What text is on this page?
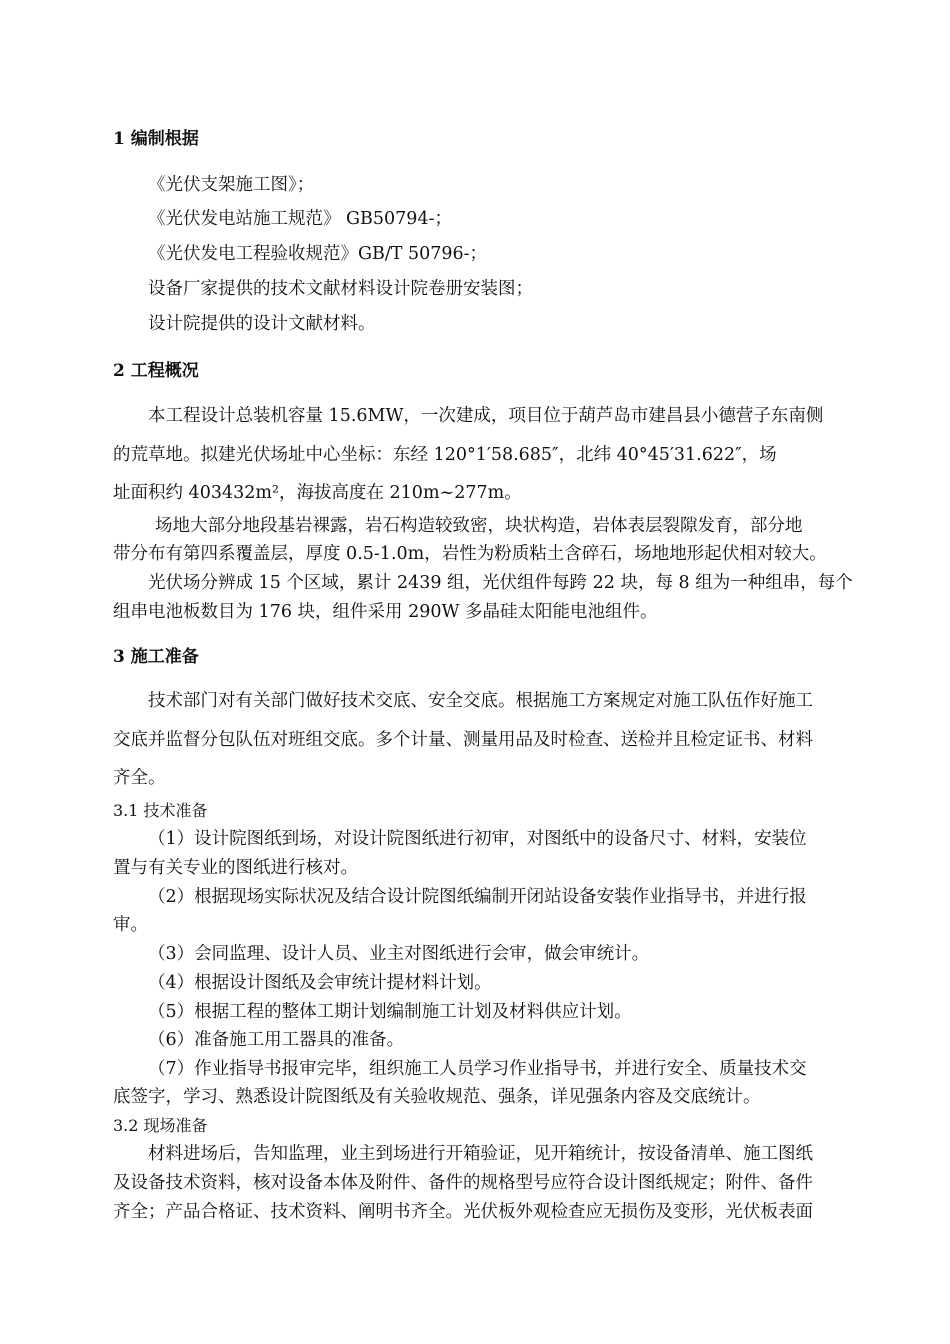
1 编制根据
《光伏支架施工图》；
《光伏发电站施工规范》 GB50794-；
《光伏发电工程验收规范》GB/T 50796-；
设备厂家提供的技术文献材料设计院卷册安装图；
设计院提供的设计文献材料。
2 工程概况
本工程设计总装机容量 15.6MW，一次建成，项目位于葫芦岛市建昌县小德营子东南侧
的荒草地。拟建光伏场址中心坐标：东经 120°1′58.685″，北纬 40°45′31.622″，场
址面积约 403432m²，海拔高度在 210m~277m。
场地大部分地段基岩裸露，岩石构造较致密，块状构造，岩体表层裂隙发育，部分地
带分布有第四系覆盖层，厚度 0.5-1.0m，岩性为粉质粘土含碎石，场地地形起伏相对较大。
光伏场分辨成 15 个区域，累计 2439 组，光伏组件每跨 22 块，每 8 组为一种组串，每个
组串电池板数目为 176 块，组件采用 290W 多晶硅太阳能电池组件。
3 施工准备
技术部门对有关部门做好技术交底、安全交底。根据施工方案规定对施工队伍作好施工
交底并监督分包队伍对班组交底。多个计量、测量用品及时检查、送检并且检定证书、材料
齐全。
3.1 技术准备
（1）设计院图纸到场，对设计院图纸进行初审，对图纸中的设备尺寸、材料，安装位
置与有关专业的图纸进行核对。
（2）根据现场实际状况及结合设计院图纸编制开闭站设备安装作业指导书，并进行报
审。
（3）会同监理、设计人员、业主对图纸进行会审，做会审统计。
（4）根据设计图纸及会审统计提材料计划。
（5）根据工程的整体工期计划编制施工计划及材料供应计划。
（6）准备施工用工器具的准备。
（7）作业指导书报审完毕，组织施工人员学习作业指导书，并进行安全、质量技术交
底签字，学习、熟悉设计院图纸及有关验收规范、强条，详见强条内容及交底统计。
3.2 现场准备
材料进场后，告知监理，业主到场进行开箱验证，见开箱统计，按设备清单、施工图纸
及设备技术资料，核对设备本体及附件、备件的规格型号应符合设计图纸规定；附件、备件
齐全；产品合格证、技术资料、阐明书齐全。光伏板外观检查应无损伤及变形，光伏板表面
